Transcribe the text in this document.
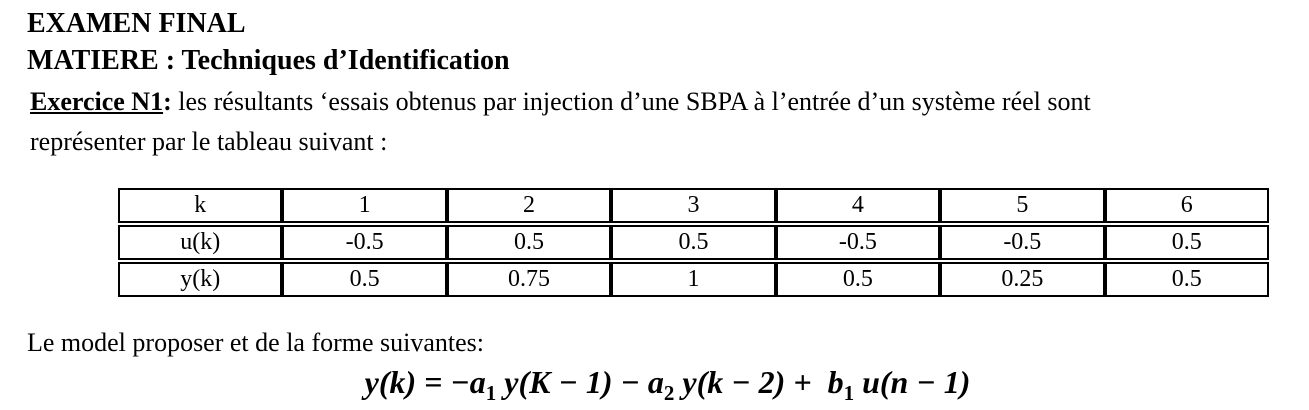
EXAMEN FINAL
MATIERE : Techniques d’Identification

Exercice N1: les résultants ‘essais obtenus par injection d’une SBPA à l’entrée d’un système réel sont
représenter par le tableau suivant :

k	1	2	3	4	5	6
u(k)	-0.5	0.5	0.5	-0.5	-0.5	0.5
y(k)	0.5	0.75	1	0.5	0.25	0.5

Le model proposer et de la forme suivantes:

$y(k) = -a_1$ $y(K - 1) - a_2$ $y(k - 2) + b_1$ u(n − 1)
